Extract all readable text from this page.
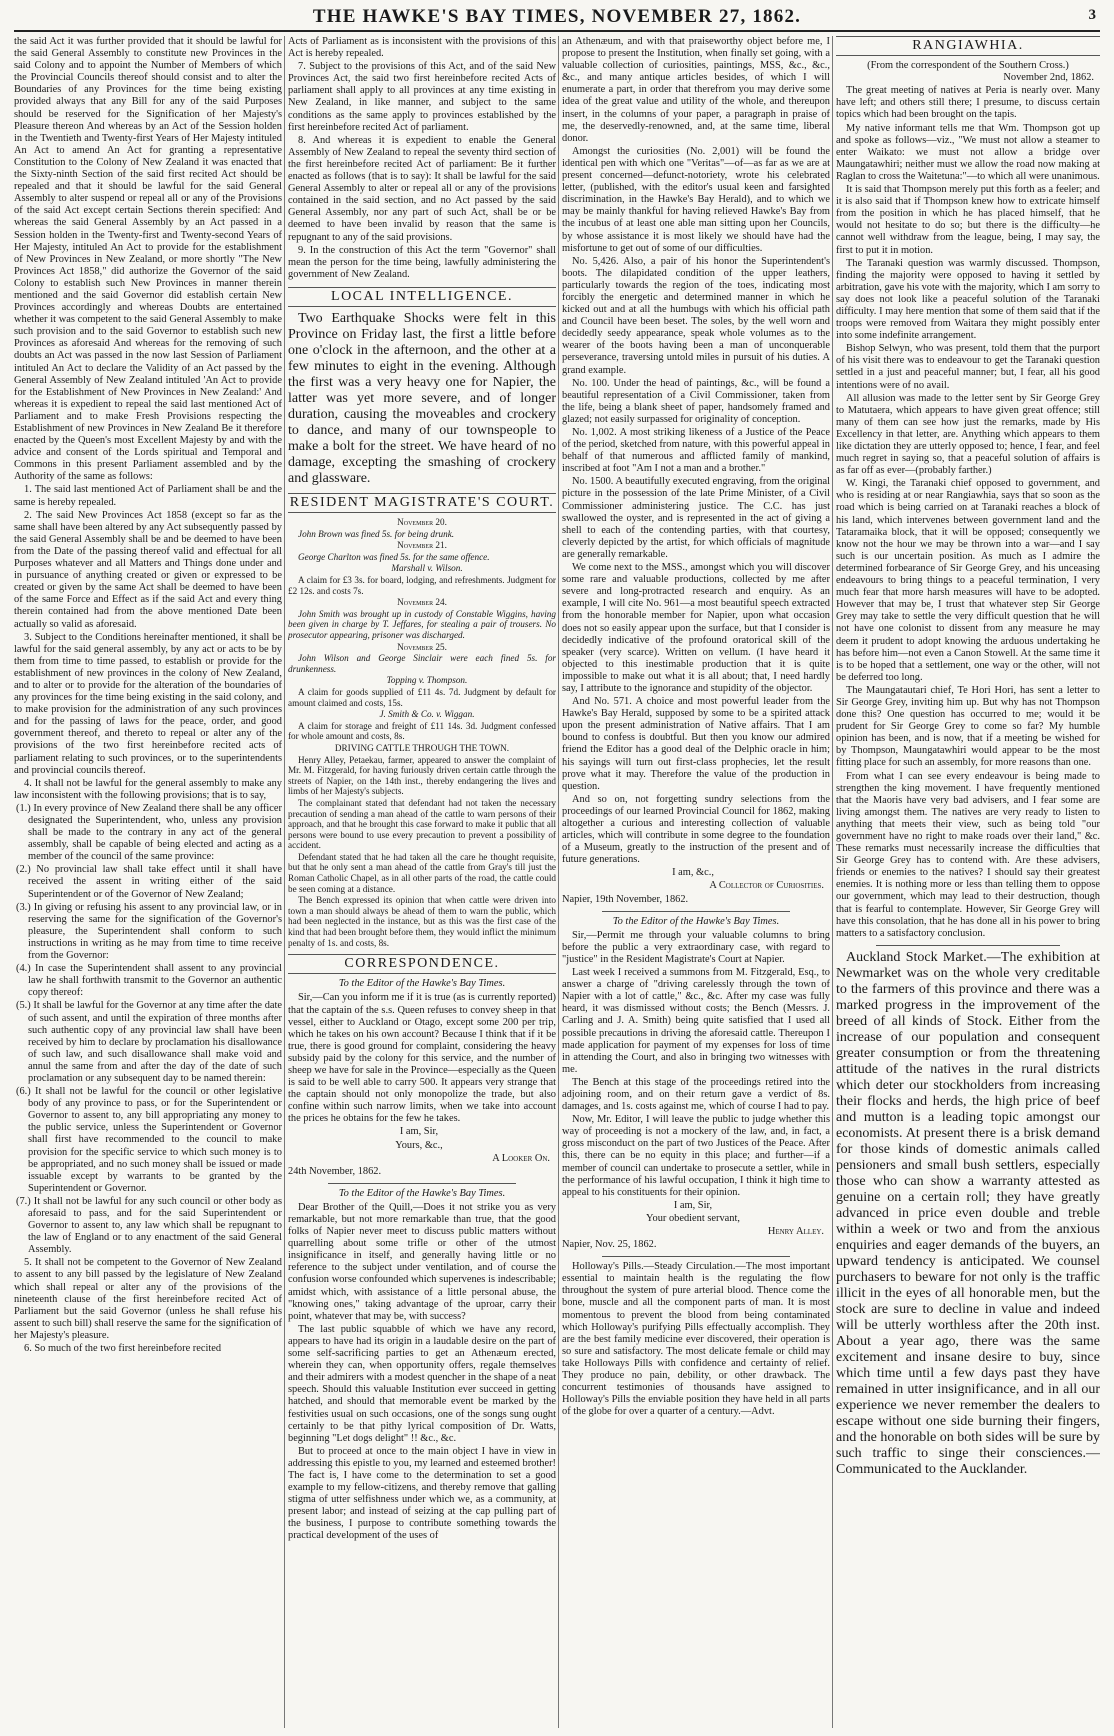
THE HAWKE'S BAY TIMES, NOVEMBER 27, 1862.	3

the said Act it was further provided that it should be lawful for the said General Assembly to constitute new Provinces in the said Colony and to appoint the Number of Members of which the Provincial Councils thereof should consist and to alter the Boundaries of any Provinces for the time being existing provided always that any Bill for any of the said Purposes should be reserved for the Signification of her Majesty's Pleasure thereon And whereas by an Act of the Session holden in the Twentieth and Twenty-first Years of Her Majesty intituled An Act to amend An Act for granting a representative Constitution to the Colony of New Zealand it was enacted that the Sixty-ninth Section of the said first recited Act should be repealed and that it should be lawful for the said General Assembly to alter suspend or repeal all or any of the Provisions of the said Act except certain Sections therein specified: And whereas the said General Assembly by an Act passed in a Session holden in the Twenty-first and Twenty-second Years of Her Majesty, intituled An Act to provide for the establishment of New Provinces in New Zealand, or more shortly "The New Provinces Act 1858," did authorize the Governor of the said Colony to establish such New Provinces in manner therein mentioned and the said Governor did establish certain New Provinces accordingly and whereas Doubts are entertained whether it was competent to the said General Assembly to make such provision and to the said Governor to establish such new Provinces as aforesaid And whereas for the removing of such doubts an Act was passed in the now last Session of Parliament intituled An Act to declare the Validity of an Act passed by the General Assembly of New Zealand intituled 'An Act to provide for the Establishment of New Provinces in New Zealand:' And whereas it is expedient to repeal the said last mentioned Act of Parliament and to make Fresh Provisions respecting the Establishment of new Provinces in New Zealand Be it therefore enacted by the Queen's most Excellent Majesty by and with the advice and consent of the Lords spiritual and Temporal and Commons in this present Parliament assembled and by the Authority of the same as follows:

1. The said last mentioned Act of Parliament shall be and the same is hereby repealed.

2. The said New Provinces Act 1858 (except so far as the same shall have been altered by any Act subsequently passed by the said General Assembly shall be and be deemed to have been from the Date of the passing thereof valid and effectual for all Purposes whatever and all Matters and Things done under and in pursuance of anything created or given or expressed to be created or given by the same Act shall be deemed to have been of the same Force and Effect as if the said Act and every thing therein contained had from the above mentioned Date been actually so valid as aforesaid.

3. Subject to the Conditions hereinafter mentioned, it shall be lawful for the said general assembly, by any act or acts to be by them from time to time passed, to establish or provide for the establishment of new provinces in the colony of New Zealand, and to alter or to provide for the alteration of the boundaries of any provinces for the time being existing in the said colony, and to make provision for the administration of any such provinces and for the passing of laws for the peace, order, and good government thereof, and thereto to repeal or alter any of the provisions of the two first hereinbefore recited acts of parliament relating to such provinces, or to the superintendents and provincial councils thereof.

4. It shall not be lawful for the general assembly to make any law inconsistent with the following provisions; that is to say,

(1.) In every province of New Zealand there shall be any officer designated the Superintendent, who, unless any provision shall be made to the contrary in any act of the general assembly, shall be capable of being elected and acting as a member of the council of the same province:

(2.) No provincial law shall take effect until it shall have received the assent in writing either of the said Superintendent or of the Governor of New Zealand;

(3.) In giving or refusing his assent to any provincial law, or in reserving the same for the signification of the Governor's pleasure, the Superintendent shall conform to such instructions in writing as he may from time to time receive from the Governor:

(4.) In case the Superintendent shall assent to any provincial law he shall forthwith transmit to the Governor an authentic copy thereof:

(5.) It shall be lawful for the Governor at any time after the date of such assent, and until the expiration of three months after such authentic copy of any provincial law shall have been received by him to declare by proclamation his disallowance of such law, and such disallowance shall make void and annul the same from and after the day of the date of such proclamation or any subsequent day to be named therein:

(6.) It shall not be lawful for the council or other legislative body of any province to pass, or for the Superintendent or Governor to assent to, any bill appropriating any money to the public service, unless the Superintendent or Governor shall first have recommended to the council to make provision for the specific service to which such money is to be appropriated, and no such money shall be issued or made issuable except by warrants to be granted by the Superintendent or Governor.

(7.) It shall not be lawful for any such council or other body as aforesaid to pass, and for the said Superintendent or Governor to assent to, any law which shall be repugnant to the law of England or to any enactment of the said General Assembly.

5. It shall not be competent to the Governor of New Zealand to assent to any bill passed by the legislature of New Zealand which shall repeal or alter any of the provisions of the nineteenth clause of the first hereinbefore recited Act of Parliament but the said Governor (unless he shall refuse his assent to such bill) shall reserve the same for the signification of her Majesty's pleasure.

6. So much of the two first hereinbefore recited

Acts of Parliament as is inconsistent with the provisions of this Act is hereby repealed.

7. Subject to the provisions of this Act, and of the said New Provinces Act, the said two first hereinbefore recited Acts of parliament shall apply to all provinces at any time existing in New Zealand, in like manner, and subject to the same conditions as the same apply to provinces established by the first hereinbefore recited Act of parliament.

8. And whereas it is expedient to enable the General Assembly of New Zealand to repeal the seventy third section of the first hereinbefore recited Act of parliament: Be it further enacted as follows (that is to say): It shall be lawful for the said General Assembly to alter or repeal all or any of the provisions contained in the said section, and no Act passed by the said General Assembly, nor any part of such Act, shall be or be deemed to have been invalid by reason that the same is repugnant to any of the said provisions.

9. In the construction of this Act the term "Governor" shall mean the person for the time being, lawfully administering the government of New Zealand.

LOCAL INTELLIGENCE.

Two Earthquake Shocks were felt in this Province on Friday last, the first a little before one o'clock in the afternoon, and the other at a few minutes to eight in the evening. Although the first was a very heavy one for Napier, the latter was yet more severe, and of longer duration, causing the moveables and crockery to dance, and many of our townspeople to make a bolt for the street. We have heard of no damage, excepting the smashing of crockery and glassware.

RESIDENT MAGISTRATE'S COURT.
November 20.

John Brown was fined 5s. for being drunk.

November 21.

George Charlton was fined 5s. for the same offence.

Marshall v. Wilson.

A claim for £3 3s. for board, lodging, and refreshments. Judgment for £2 12s. and costs 7s.

November 24.

John Smith was brought up in custody of Constable Wiggins, having been given in charge by T. Jeffares, for stealing a pair of trousers. No prosecutor appearing, prisoner was discharged.

November 25.

John Wilson and George Sinclair were each fined 5s. for drunkenness.

Topping v. Thompson.

A claim for goods supplied of £11 4s. 7d. Judgment by default for amount claimed and costs, 15s.

J. Smith & Co. v. Wiggan.

A claim for storage and freight of £11 14s. 3d. Judgment confessed for whole amount and costs, 8s.

DRIVING CATTLE THROUGH THE TOWN.

Henry Alley, Petaekau, farmer, appeared to answer the complaint of Mr. M. Fitzgerald, for having furiously driven certain cattle through the streets of Napier, on the 14th inst., thereby endangering the lives and limbs of her Majesty's subjects.

The complainant stated that defendant had not taken the necessary precaution of sending a man ahead of the cattle to warn persons of their approach, and that he brought this case forward to make it public that all persons were bound to use every precaution to prevent a possibility of accident.

Defendant stated that he had taken all the care he thought requisite, but that he only sent a man ahead of the cattle from Gray's till just the Roman Catholic Chapel, as in all other parts of the road, the cattle could be seen coming at a distance.

The Bench expressed its opinion that when cattle were driven into town a man should always be ahead of them to warn the public, which had been neglected in the instance, but as this was the first case of the kind that had been brought before them, they would inflict the minimum penalty of 1s. and costs, 8s.

CORRESPONDENCE.
To the Editor of the Hawke's Bay Times.

Sir,—Can you inform me if it is true (as is currently reported) that the captain of the s.s. Queen refuses to convey sheep in that vessel, either to Auckland or Otago, except some 200 per trip, which he takes on his own account? Because I think that if it be true, there is good ground for complaint, considering the heavy subsidy paid by the colony for this service, and the number of sheep we have for sale in the Province—especially as the Queen is said to be well able to carry 500. It appears very strange that the captain should not only monopolize the trade, but also confine within such narrow limits, when we take into account the prices he obtains for the few he takes.

I am, Sir,
Yours, &c.,
A Looker On.
24th November, 1862.
To the Editor of the Hawke's Bay Times.

Dear Brother of the Quill,—Does it not strike you as very remarkable, but not more remarkable than true, that the good folks of Napier never meet to discuss public matters without quarrelling about some trifle or other of the utmost insignificance in itself, and generally having little or no reference to the subject under ventilation, and of course the confusion worse confounded which supervenes is indescribable; amidst which, with assistance of a little personal abuse, the "knowing ones," taking advantage of the uproar, carry their point, whatever that may be, with success?

The last public squabble of which we have any record, appears to have had its origin in a laudable desire on the part of some self-sacrificing parties to get an Athenæum erected, wherein they can, when opportunity offers, regale themselves and their admirers with a modest quencher in the shape of a neat speech. Should this valuable Institution ever succeed in getting hatched, and should that memorable event be marked by the festivities usual on such occasions, one of the songs sung ought certainly to be that pithy lyrical composition of Dr. Watts, beginning "Let dogs delight" !! &c., &c.

But to proceed at once to the main object I have in view in addressing this epistle to you, my learned and esteemed brother! The fact is, I have come to the determination to set a good example to my fellow-citizens, and thereby remove that galling stigma of utter selfishness under which we, as a community, at present labor; and instead of seizing at the cap pulling part of the business, I purpose to contribute something towards the practical development of the uses of

an Athenæum, and with that praiseworthy object before me, I propose to present the Institution, when finally set going, with a valuable collection of curiosities, paintings, MSS, &c., &c., &c., and many antique articles besides, of which I will enumerate a part, in order that therefrom you may derive some idea of the great value and utility of the whole, and thereupon insert, in the columns of your paper, a paragraph in praise of me, the deservedly-renowned, and, at the same time, liberal donor.

Amongst the curiosities (No. 2,001) will be found the identical pen with which one "Veritas"—of—as far as we are at present concerned—defunct-notoriety, wrote his celebrated letter, (published, with the editor's usual keen and farsighted discrimination, in the Hawke's Bay Herald), and to which we may be mainly thankful for having relieved Hawke's Bay from the incubus of at least one able man sitting upon her Councils, by whose assistance it is most likely we should have had the misfortune to get out of some of our difficulties.

No. 5,426. Also, a pair of his honor the Superintendent's boots. The dilapidated condition of the upper leathers, particularly towards the region of the toes, indicating most forcibly the energetic and determined manner in which he kicked out and at all the humbugs with which his official path and Council have been beset. The soles, by the well worn and decidedly seedy appearance, speak whole volumes as to the wearer of the boots having been a man of unconquerable perseverance, traversing untold miles in pursuit of his duties. A grand example.

No. 100. Under the head of paintings, &c., will be found a beautiful representation of a Civil Commissioner, taken from the life, being a blank sheet of paper, handsomely framed and glazed; not easily surpassed for originality of conception.

No. 1,002. A most striking likeness of a Justice of the Peace of the period, sketched from nature, with this powerful appeal in behalf of that numerous and afflicted family of mankind, inscribed at foot "Am I not a man and a brother."

No. 1500. A beautifully executed engraving, from the original picture in the possession of the late Prime Minister, of a Civil Commissioner administering justice. The C.C. has just swallowed the oyster, and is represented in the act of giving a shell to each of the contending parties, with that courtesy, cleverly depicted by the artist, for which officials of magnitude are generally remarkable.

We come next to the MSS., amongst which you will discover some rare and valuable productions, collected by me after severe and long-protracted research and enquiry. As an example, I will cite No. 961—a most beautiful speech extracted from the honorable member for Napier, upon what occasion does not so easily appear upon the surface, but that I consider is decidedly indicative of the profound oratorical skill of the speaker (very scarce). Written on vellum. (I have heard it objected to this inestimable production that it is quite impossible to make out what it is all about; that, I need hardly say, I attribute to the ignorance and stupidity of the objector.

And No. 571. A choice and most powerful leader from the Hawke's Bay Herald, supposed by some to be a spirited attack upon the present administration of Native affairs. That I am bound to confess is doubtful. But then you know our admired friend the Editor has a good deal of the Delphic oracle in him; his sayings will turn out first-class prophecies, let the result prove what it may. Therefore the value of the production in question.

And so on, not forgetting sundry selections from the proceedings of our learned Provincial Council for 1862, making altogether a curious and interesting collection of valuable articles, which will contribute in some degree to the foundation of a Museum, greatly to the instruction of the present and of future generations.

I am, &c.,
A Collector of Curiosities.
Napier, 19th November, 1862.
To the Editor of the Hawke's Bay Times.

Sir,—Permit me through your valuable columns to bring before the public a very extraordinary case, with regard to "justice" in the Resident Magistrate's Court at Napier.

Last week I received a summons from M. Fitzgerald, Esq., to answer a charge of "driving carelessly through the town of Napier with a lot of cattle," &c., &c. After my case was fully heard, it was dismissed without costs; the Bench (Messrs. J. Carling and J. A. Smith) being quite satisfied that I used all possible precautions in driving the aforesaid cattle. Thereupon I made application for payment of my expenses for loss of time in attending the Court, and also in bringing two witnesses with me.

The Bench at this stage of the proceedings retired into the adjoining room, and on their return gave a verdict of 8s. damages, and 1s. costs against me, which of course I had to pay.

Now, Mr. Editor, I will leave the public to judge whether this way of proceeding is not a mockery of the law, and, in fact, a gross misconduct on the part of two Justices of the Peace. After this, there can be no equity in this place; and further—if a member of council can undertake to prosecute a settler, while in the performance of his lawful occupation, I think it high time to appeal to his constituents for their opinion.

I am, Sir,
Your obedient servant,
Henry Alley.
Napier, Nov. 25, 1862.

Holloway's Pills.—Steady Circulation.—The most important essential to maintain health is the regulating the flow throughout the system of pure arterial blood. Thence come the bone, muscle and all the component parts of man. It is most momentous to prevent the blood from being contaminated which Holloway's purifying Pills effectually accomplish. They are the best family medicine ever discovered, their operation is so sure and satisfactory. The most delicate female or child may take Holloways Pills with confidence and certainty of relief. They produce no pain, debility, or other drawback. The concurrent testimonies of thousands have assigned to Holloway's Pills the enviable position they have held in all parts of the globe for over a quarter of a century.—Advt.

RANGIAWHIA.
(From the correspondent of the Southern Cross.)
November 2nd, 1862.

The great meeting of natives at Peria is nearly over. Many have left; and others still there; I presume, to discuss certain topics which had been brought on the tapis.

My native informant tells me that Wm. Thompson got up and spoke as follows—viz., "We must not allow a steamer to enter Waikato: we must not allow a bridge over Maungatawhiri; neither must we allow the road now making at Raglan to cross the Waitetuna:"—to which all were unanimous.

It is said that Thompson merely put this forth as a feeler; and it is also said that if Thompson knew how to extricate himself from the position in which he has placed himself, that he would not hesitate to do so; but there is the difficulty—he cannot well withdraw from the league, being, I may say, the first to put it in motion.

The Taranaki question was warmly discussed. Thompson, finding the majority were opposed to having it settled by arbitration, gave his vote with the majority, which I am sorry to say does not look like a peaceful solution of the Taranaki difficulty. I may here mention that some of them said that if the troops were removed from Waitara they might possibly enter into some indefinite arrangement.

Bishop Selwyn, who was present, told them that the purport of his visit there was to endeavour to get the Taranaki question settled in a just and peaceful manner; but, I fear, all his good intentions were of no avail.

All allusion was made to the letter sent by Sir George Grey to Matutaera, which appears to have given great offence; still many of them can see how just the remarks, made by His Excellency in that letter, are. Anything which appears to them like dictation they are utterly opposed to; hence, I fear, and feel much regret in saying so, that a peaceful solution of affairs is as far off as ever—(probably farther.)

W. Kingi, the Taranaki chief opposed to government, and who is residing at or near Rangiawhia, says that so soon as the road which is being carried on at Taranaki reaches a block of his land, which intervenes between government land and the Tataramaika block, that it will be opposed; consequently we know not the hour we may be thrown into a war—and I say such is our uncertain position. As much as I admire the determined forbearance of Sir George Grey, and his unceasing endeavours to bring things to a peaceful termination, I very much fear that more harsh measures will have to be adopted. However that may be, I trust that whatever step Sir George Grey may take to settle the very difficult question that he will not have one colonist to dissent from any measure he may deem it prudent to adopt knowing the arduous undertaking he has before him—not even a Canon Stowell. At the same time it is to be hoped that a settlement, one way or the other, will not be deferred too long.

The Maungatautari chief, Te Hori Hori, has sent a letter to Sir George Grey, inviting him up. But why has not Thompson done this? One question has occurred to me; would it be prudent for Sir George Grey to come so far? My humble opinion has been, and is now, that if a meeting be wished for by Thompson, Maungatawhiri would appear to be the most fitting place for such an assembly, for more reasons than one.

From what I can see every endeavour is being made to strengthen the king movement. I have frequently mentioned that the Maoris have very bad advisers, and I fear some are living amongst them. The natives are very ready to listen to anything that meets their view, such as being told "our government have no right to make roads over their land," &c. These remarks must necessarily increase the difficulties that Sir George Grey has to contend with. Are these advisers, friends or enemies to the natives? I should say their greatest enemies. It is nothing more or less than telling them to oppose our government, which may lead to their destruction, though that is fearful to contemplate. However, Sir George Grey will have this consolation, that he has done all in his power to bring matters to a satisfactory conclusion.

Auckland Stock Market.—The exhibition at Newmarket was on the whole very creditable to the farmers of this province and there was a marked progress in the improvement of the breed of all kinds of Stock. Either from the increase of our population and consequent greater consumption or from the threatening attitude of the natives in the rural districts which deter our stockholders from increasing their flocks and herds, the high price of beef and mutton is a leading topic amongst our economists. At present there is a brisk demand for those kinds of domestic animals called pensioners and small bush settlers, especially those who can show a warranty attested as genuine on a certain roll; they have greatly advanced in price even double and treble within a week or two and from the anxious enquiries and eager demands of the buyers, an upward tendency is anticipated. We counsel purchasers to beware for not only is the traffic illicit in the eyes of all honorable men, but the stock are sure to decline in value and indeed will be utterly worthless after the 20th inst. About a year ago, there was the same excitement and insane desire to buy, since which time until a few days past they have remained in utter insignificance, and in all our experience we never remember the dealers to escape without one side burning their fingers, and the honorable on both sides will be sure by such traffic to singe their consciences.—Communicated to the Aucklander.
